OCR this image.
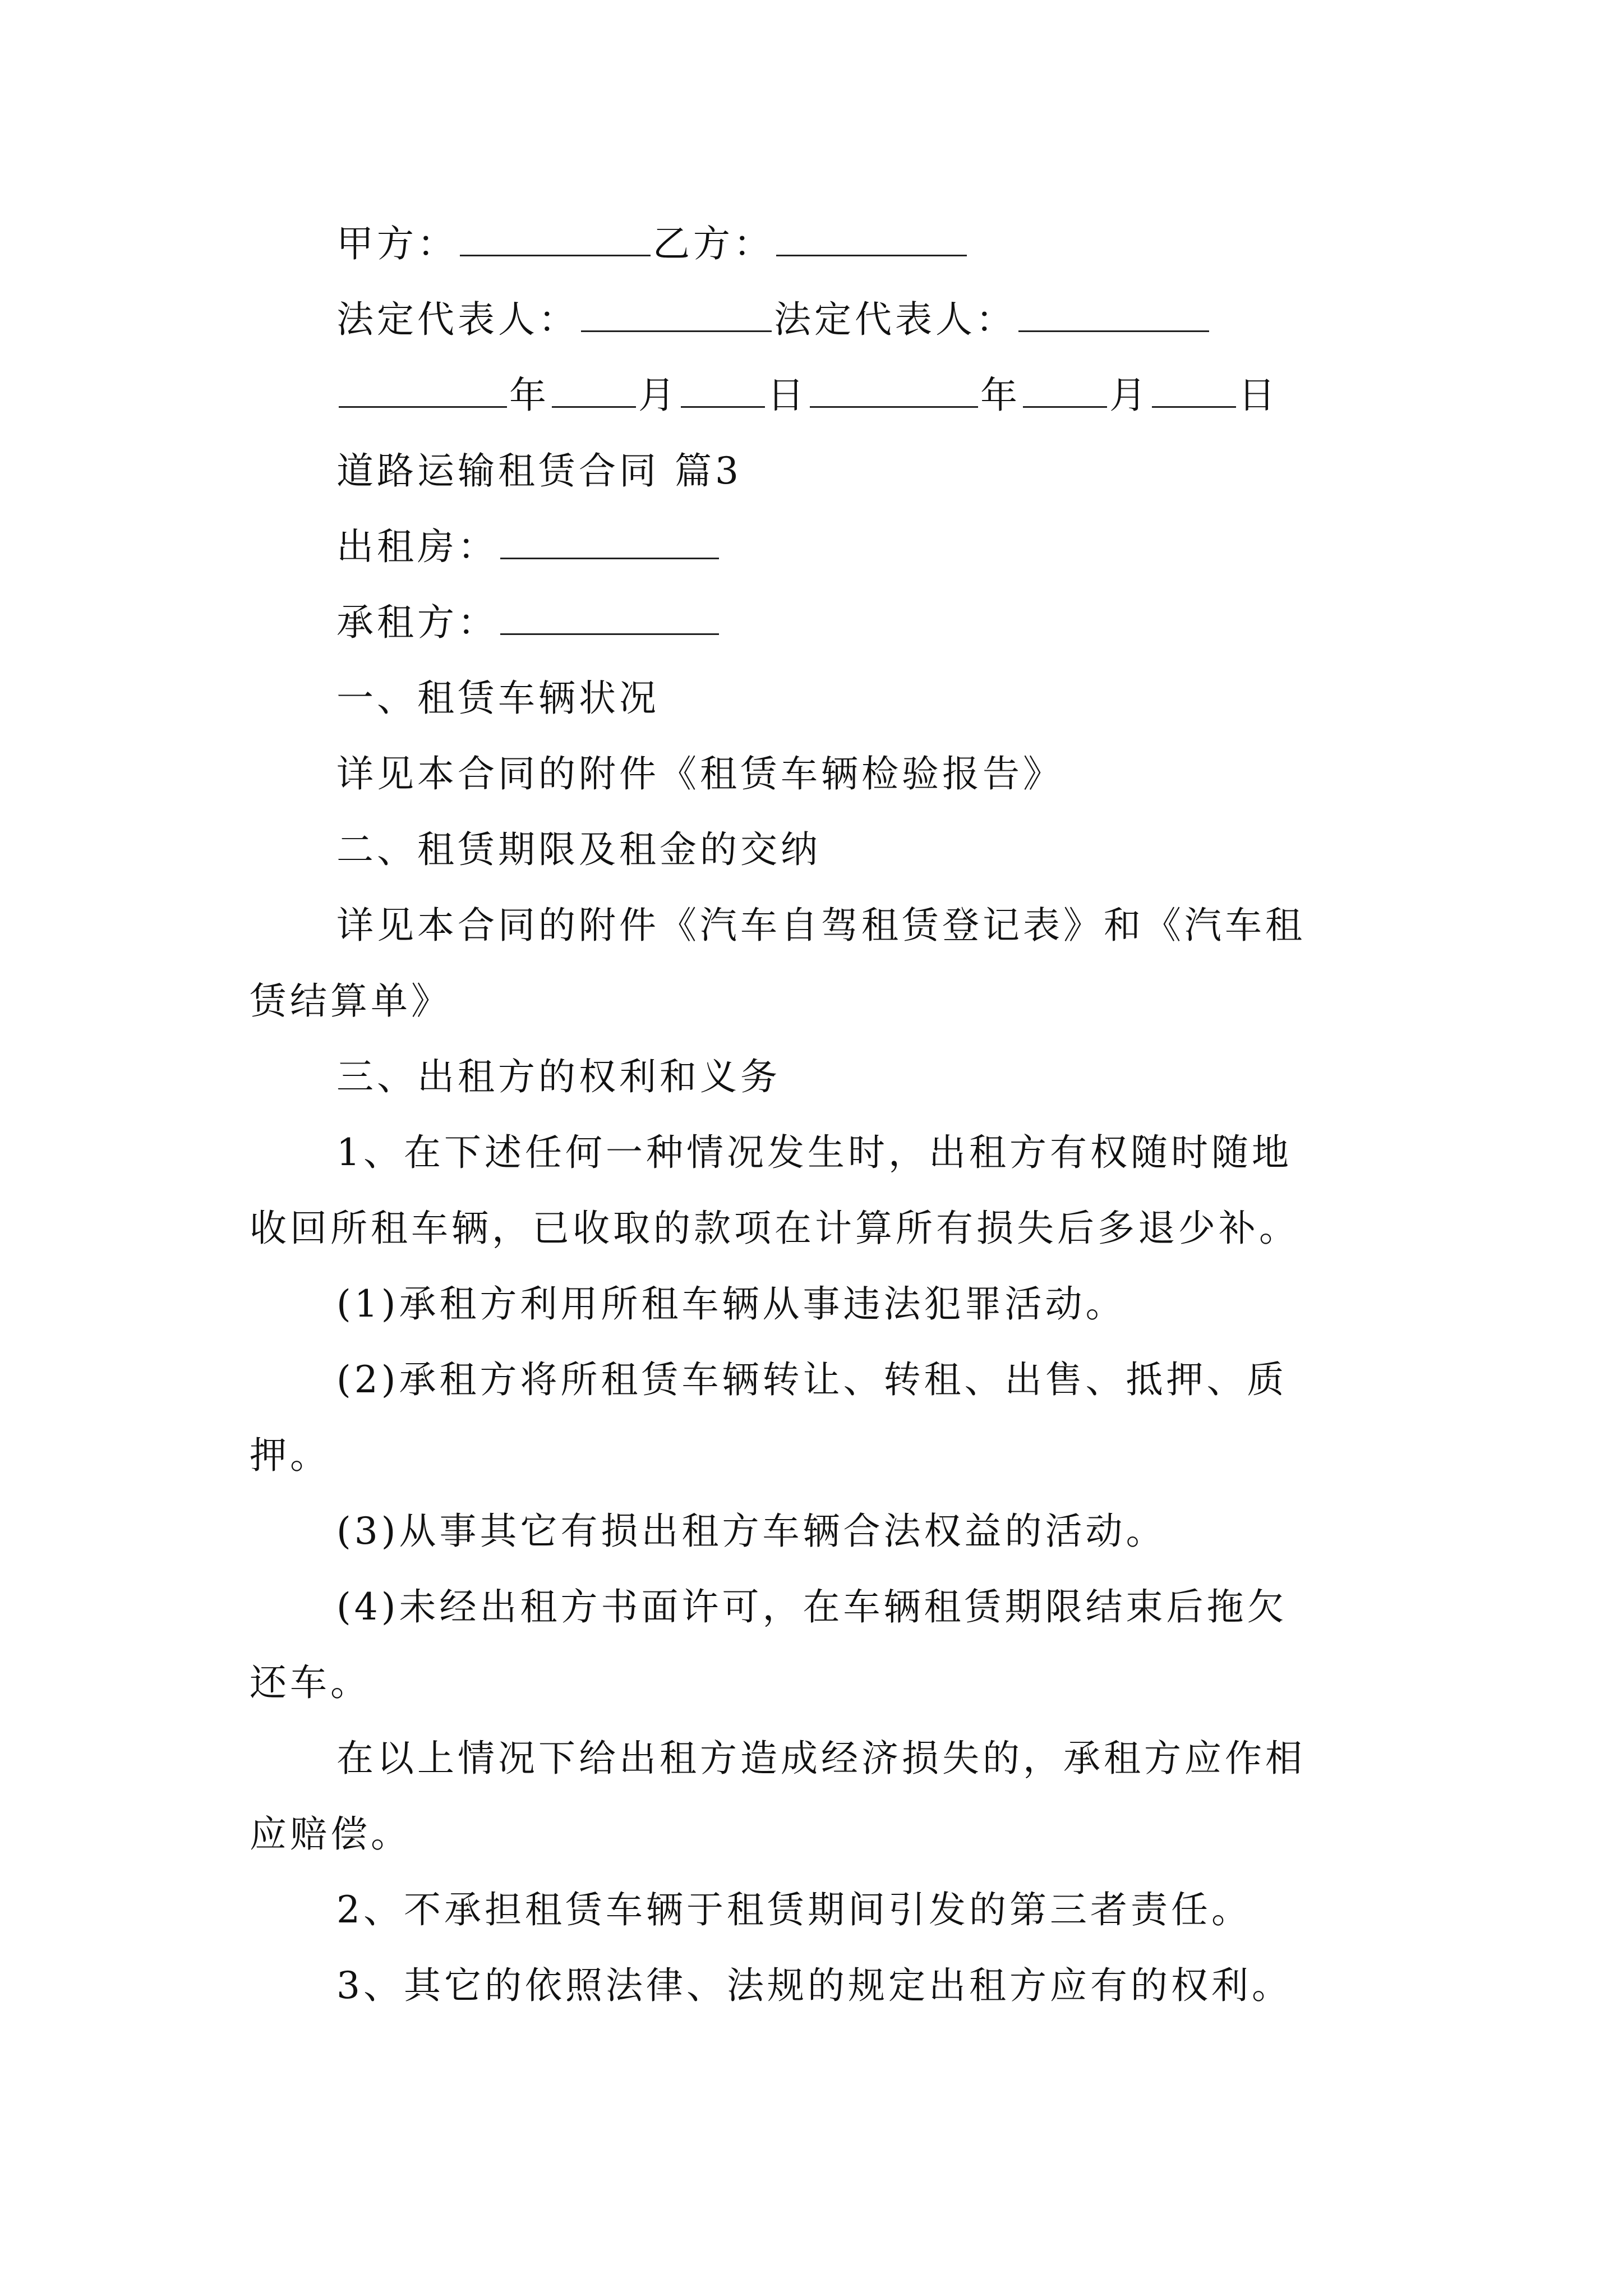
甲方：	乙方：
法定代表人：	法定代表人：
年 月 日	年 月 日
道路运输租赁合同 篇3
出租房：
承租方：
一、租赁车辆状况
详见本合同的附件《租赁车辆检验报告》
二、租赁期限及租金的交纳
详见本合同的附件《汽车自驾租赁登记表》和《汽车租
赁结算单》
三、出租方的权利和义务
1、在下述任何一种情况发生时，出租方有权随时随地
收回所租车辆，已收取的款项在计算所有损失后多退少补。
(1)承租方利用所租车辆从事违法犯罪活动。
(2)承租方将所租赁车辆转让、转租、出售、抵押、质
押。
(3)从事其它有损出租方车辆合法权益的活动。
(4)未经出租方书面许可，在车辆租赁期限结束后拖欠
还车。
在以上情况下给出租方造成经济损失的，承租方应作相
应赔偿。
2、不承担租赁车辆于租赁期间引发的第三者责任。
3、其它的依照法律、法规的规定出租方应有的权利。
